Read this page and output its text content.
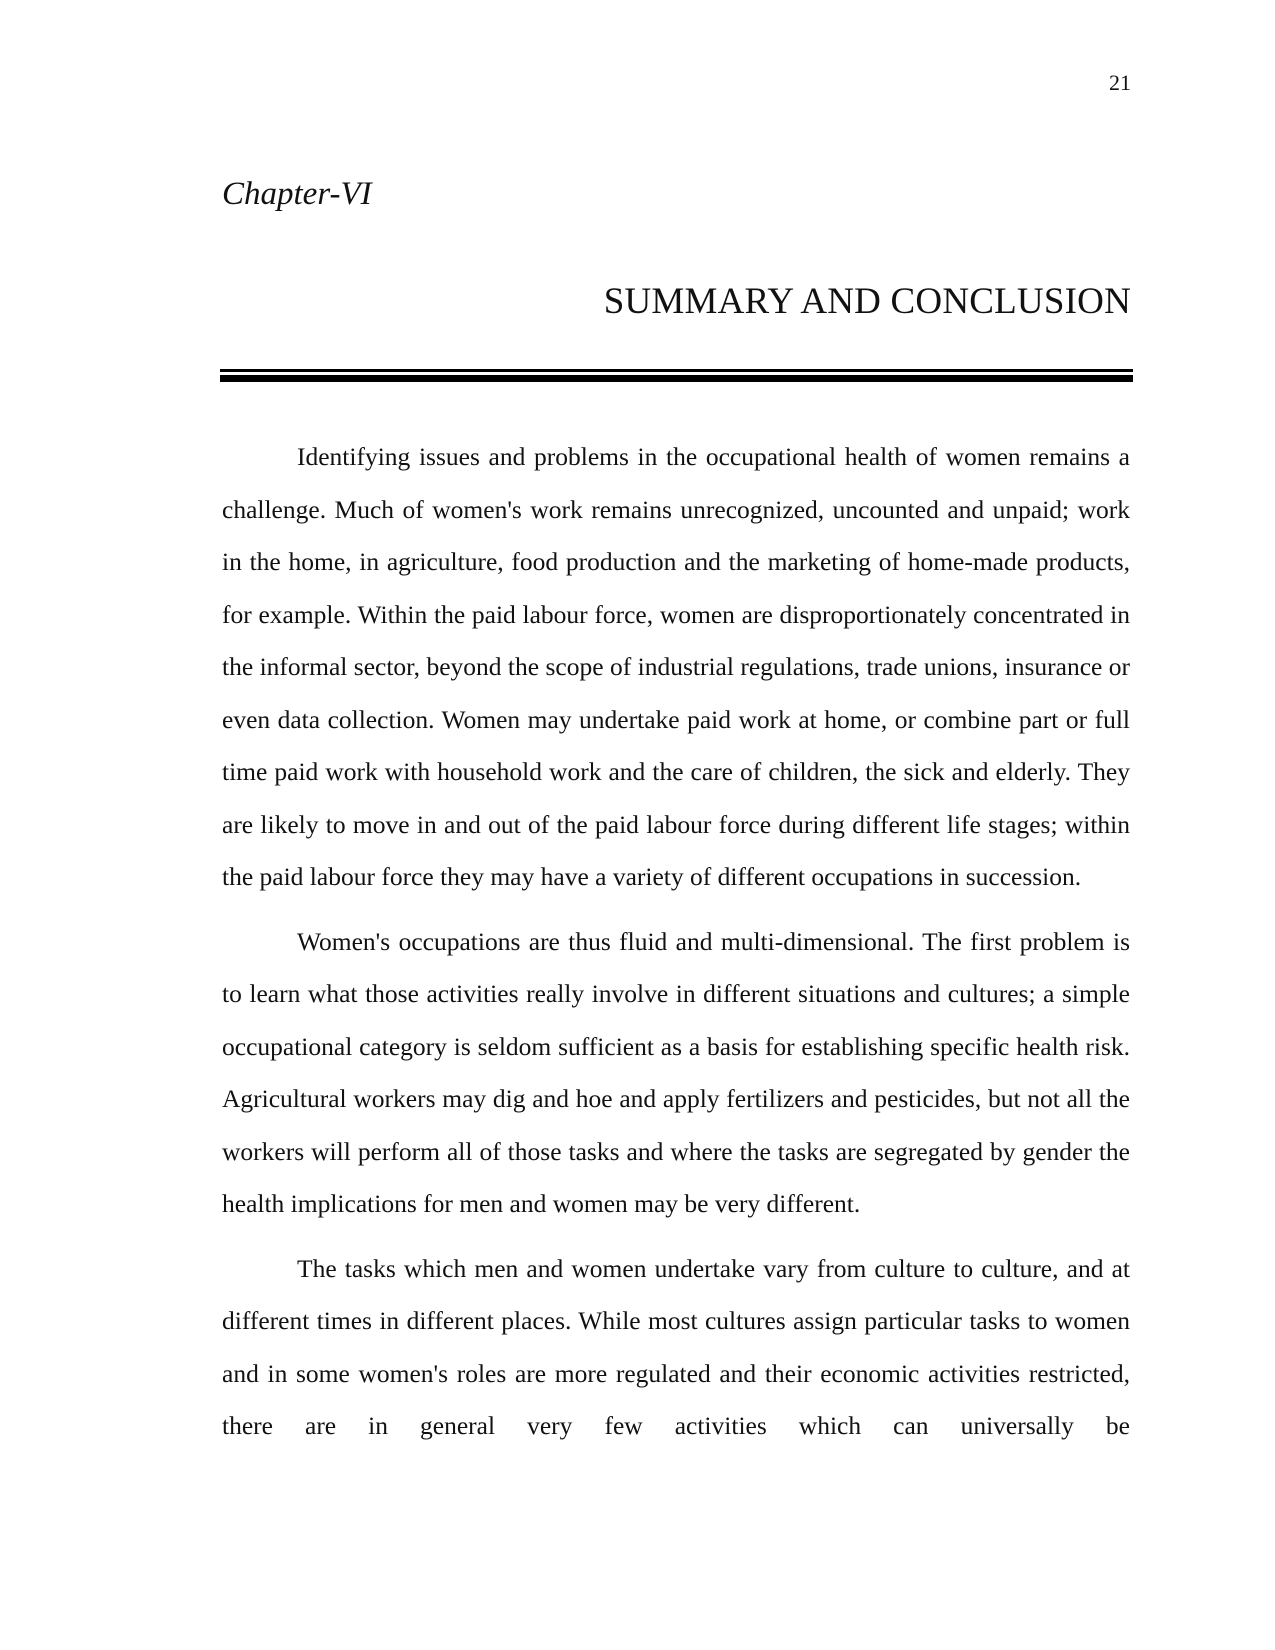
21
Chapter-VI
SUMMARY AND CONCLUSION

Identifying issues and problems in the occupational health of women remains a challenge. Much of women's work remains unrecognized, uncounted and unpaid; work in the home, in agriculture, food production and the marketing of home-made products, for example. Within the paid labour force, women are disproportionately concentrated in the informal sector, beyond the scope of industrial regulations, trade unions, insurance or even data collection. Women may undertake paid work at home, or combine part or full time paid work with household work and the care of children, the sick and elderly. They are likely to move in and out of the paid labour force during different life stages; within the paid labour force they may have a variety of different occupations in succession.

Women's occupations are thus fluid and multi-dimensional. The first problem is to learn what those activities really involve in different situations and cultures; a simple occupational category is seldom sufficient as a basis for establishing specific health risk. Agricultural workers may dig and hoe and apply fertilizers and pesticides, but not all the workers will perform all of those tasks and where the tasks are segregated by gender the health implications for men and women may be very different.

The tasks which men and women undertake vary from culture to culture, and at different times in different places. While most cultures assign particular tasks to women and in some women's roles are more regulated and their economic activities restricted, there are in general very few activities which can universally be
